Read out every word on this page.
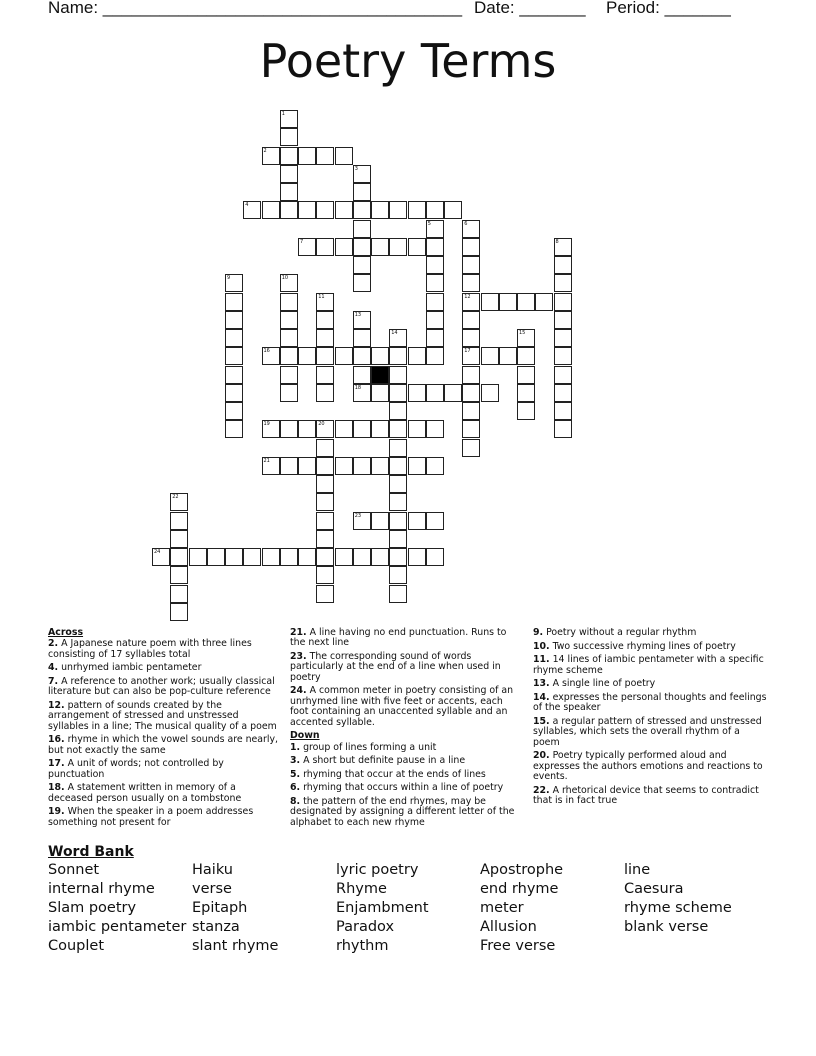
Name: ______________________________________ Date: _______ Period: _______
Poetry Terms
1
2
3
4
5	6
12
17
7	8
9	10
11
13
18
14	15
16
19	20
21
22
23
24
Across
2. A Japanese nature poem with three lines consisting of 17 syllables total
4. unrhymed iambic pentameter
7. A reference to another work; usually classical literature but can also be pop-culture reference
12. pattern of sounds created by the arrangement of stressed and unstressed syllables in a line; The musical quality of a poem
16. rhyme in which the vowel sounds are nearly, but not exactly the same
17. A unit of words; not controlled by punctuation
18. A statement written in memory of a deceased person usually on a tombstone
19. When the speaker in a poem addresses something not present for
21. A line having no end punctuation. Runs to the next line
23. The corresponding sound of words particularly at the end of a line when used in poetry
24. A common meter in poetry consisting of an unrhymed line with five feet or accents, each foot containing an unaccented syllable and an accented syllable.
Down
1. group of lines forming a unit
3. A short but definite pause in a line
5. rhyming that occur at the ends of lines
6. rhyming that occurs within a line of poetry
8. the pattern of the end rhymes, may be designated by assigning a different letter of the alphabet to each new rhyme
9. Poetry without a regular rhythm
10. Two successive rhyming lines of poetry
11. 14 lines of iambic pentameter with a specific rhyme scheme
13. A single line of poetry
14. expresses the personal thoughts and feelings of the speaker
15. a regular pattern of stressed and unstressed syllables, which sets the overall rhythm of a poem
20. Poetry typically performed aloud and expresses the authors emotions and reactions to events.
22. A rhetorical device that seems to contradict that is in fact true
Word Bank
Sonnet
internal rhyme
Slam poetry
iambic pentameter
Couplet
Haiku
verse
Epitaph
stanza
slant rhyme
lyric poetry
Rhyme
Enjambment
Paradox
rhythm
Apostrophe
end rhyme
meter
Allusion
Free verse
line
Caesura
rhyme scheme
blank verse
